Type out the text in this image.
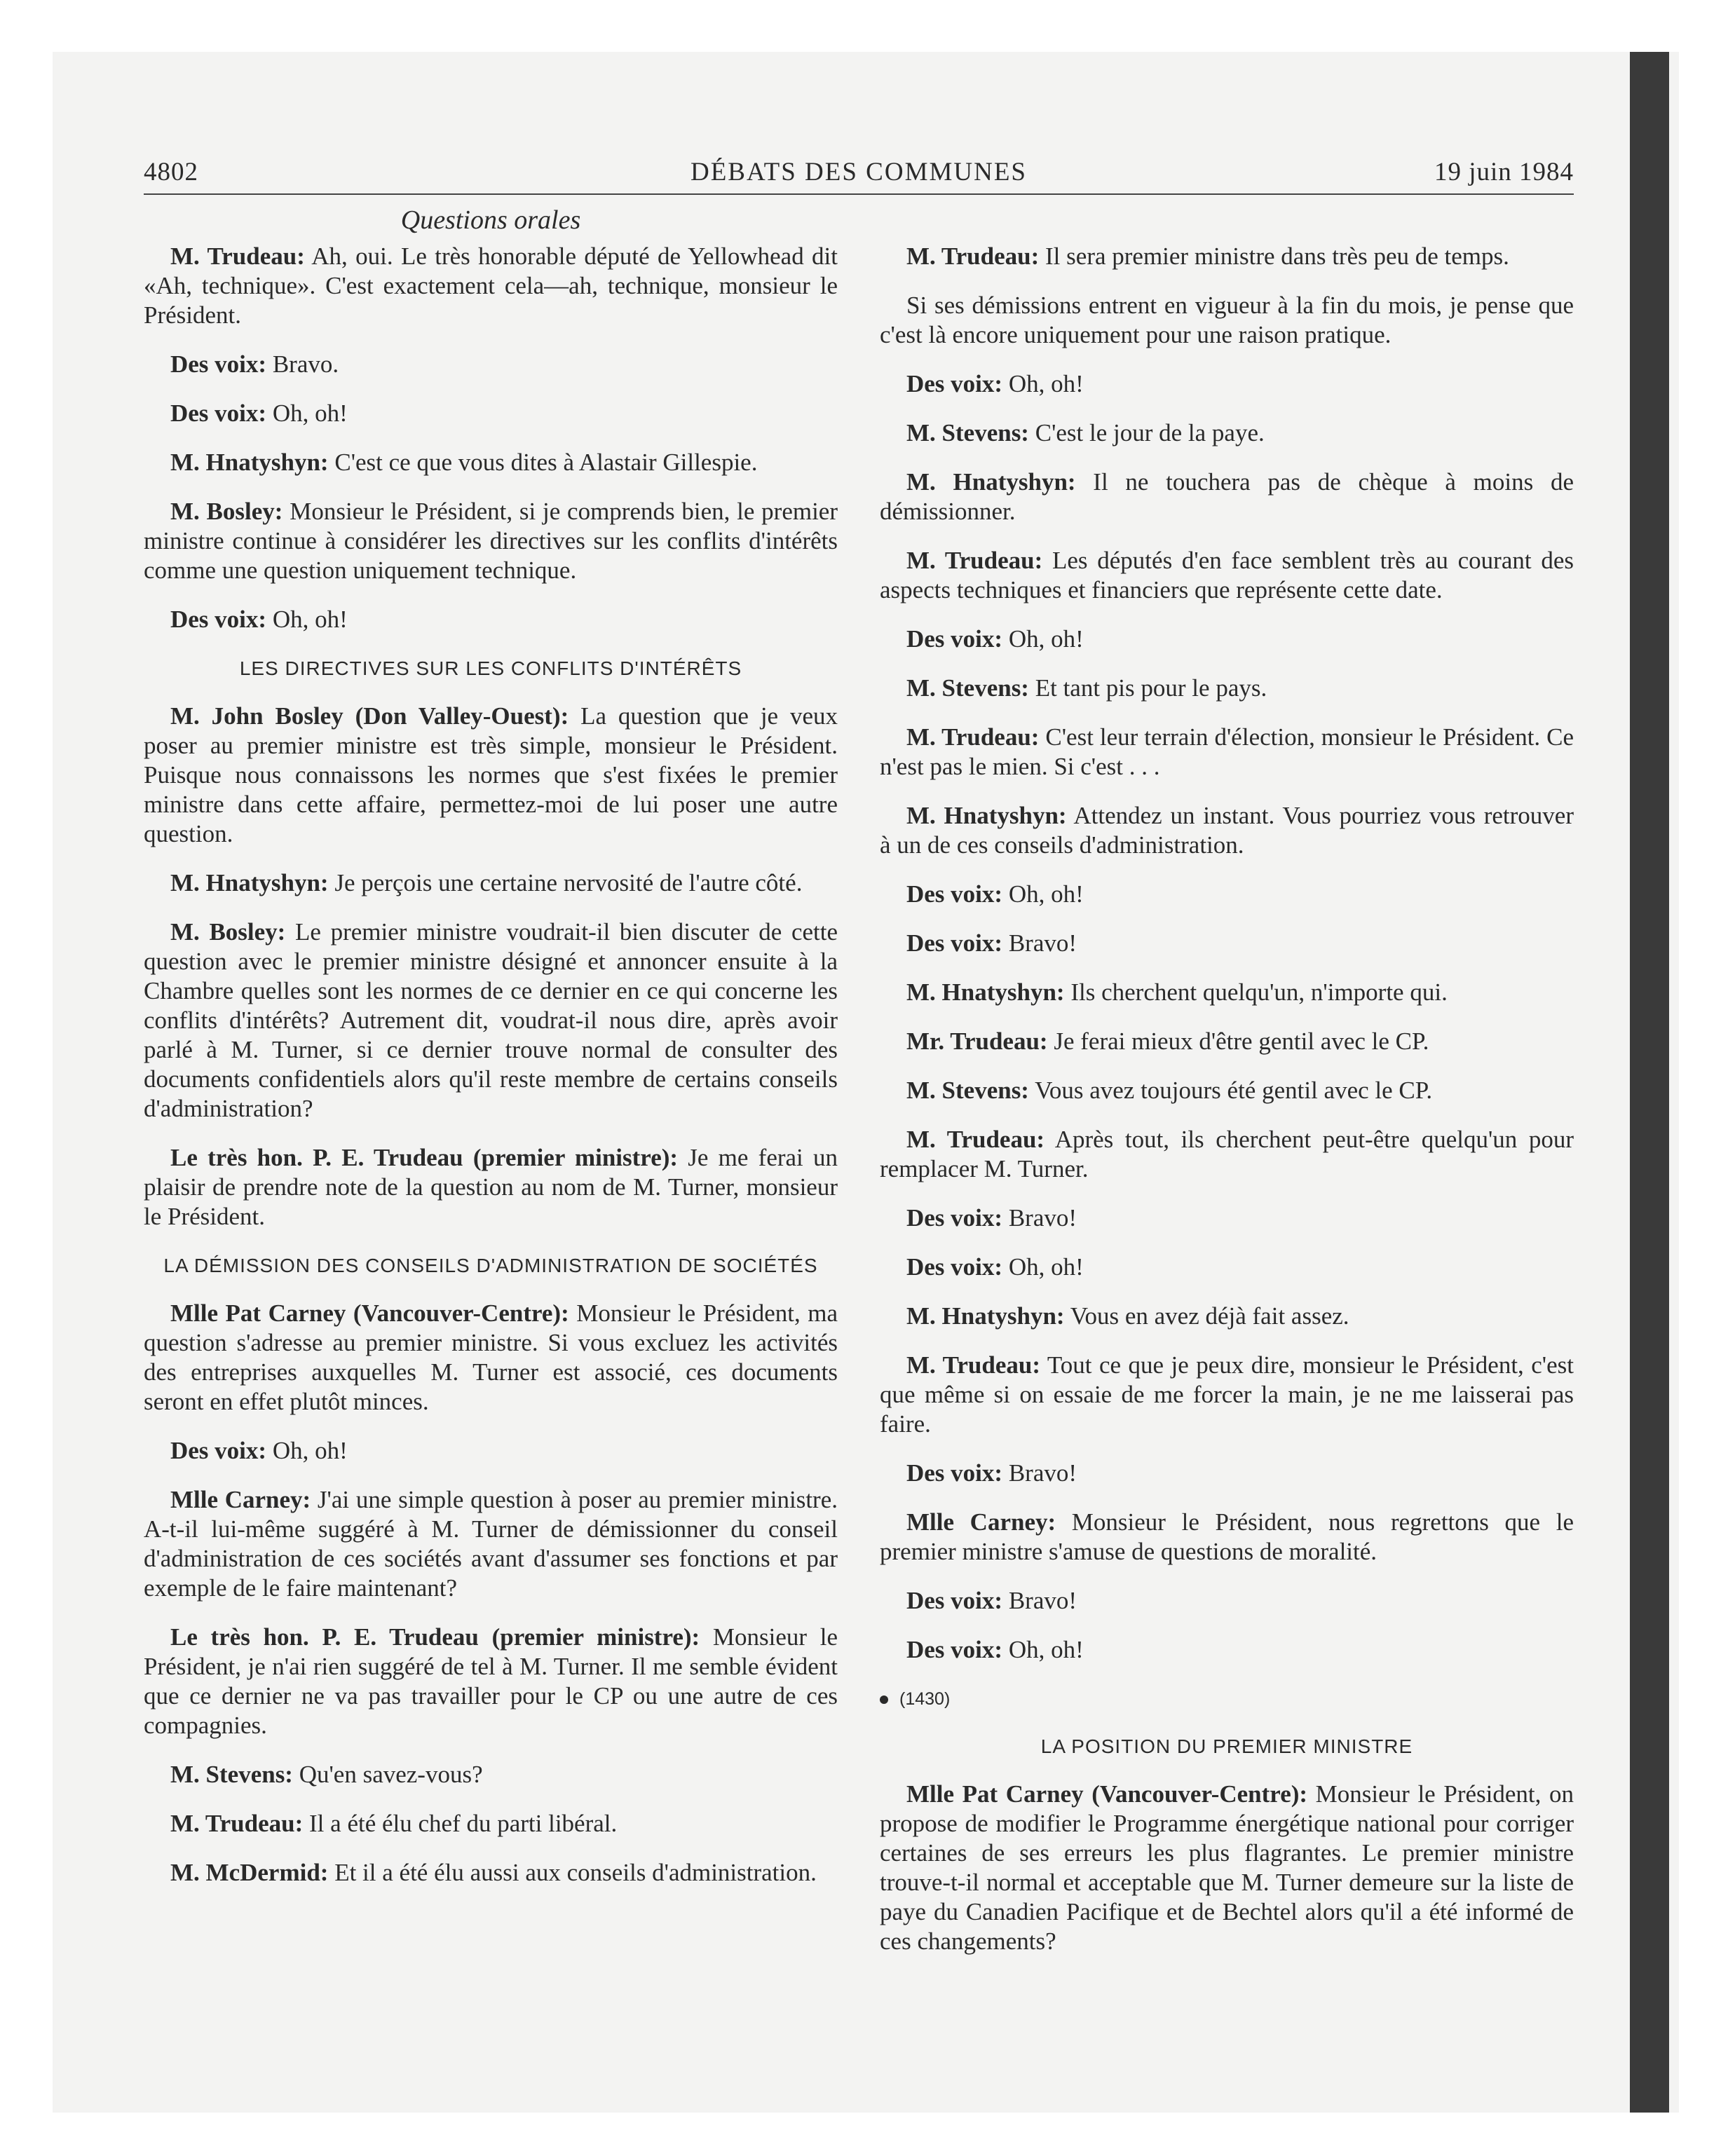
4802	DÉBATS DES COMMUNES	19 juin 1984
Questions orales

M. Trudeau: Ah, oui. Le très honorable député de Yellowhead dit «Ah, technique». C'est exactement cela—ah, technique, monsieur le Président.

Des voix: Bravo.

Des voix: Oh, oh!

M. Hnatyshyn: C'est ce que vous dites à Alastair Gillespie.

M. Bosley: Monsieur le Président, si je comprends bien, le premier ministre continue à considérer les directives sur les conflits d'intérêts comme une question uniquement technique.

Des voix: Oh, oh!

LES DIRECTIVES SUR LES CONFLITS D'INTÉRÊTS

M. John Bosley (Don Valley-Ouest): La question que je veux poser au premier ministre est très simple, monsieur le Président. Puisque nous connaissons les normes que s'est fixées le premier ministre dans cette affaire, permettez-moi de lui poser une autre question.

M. Hnatyshyn: Je perçois une certaine nervosité de l'autre côté.

M. Bosley: Le premier ministre voudrait-il bien discuter de cette question avec le premier ministre désigné et annoncer ensuite à la Chambre quelles sont les normes de ce dernier en ce qui concerne les conflits d'intérêts? Autrement dit, voudrat-il nous dire, après avoir parlé à M. Turner, si ce dernier trouve normal de consulter des documents confidentiels alors qu'il reste membre de certains conseils d'administration?

Le très hon. P. E. Trudeau (premier ministre): Je me ferai un plaisir de prendre note de la question au nom de M. Turner, monsieur le Président.

LA DÉMISSION DES CONSEILS D'ADMINISTRATION DE SOCIÉTÉS

Mlle Pat Carney (Vancouver-Centre): Monsieur le Président, ma question s'adresse au premier ministre. Si vous excluez les activités des entreprises auxquelles M. Turner est associé, ces documents seront en effet plutôt minces.

Des voix: Oh, oh!

Mlle Carney: J'ai une simple question à poser au premier ministre. A-t-il lui-même suggéré à M. Turner de démissionner du conseil d'administration de ces sociétés avant d'assumer ses fonctions et par exemple de le faire maintenant?

Le très hon. P. E. Trudeau (premier ministre): Monsieur le Président, je n'ai rien suggéré de tel à M. Turner. Il me semble évident que ce dernier ne va pas travailler pour le CP ou une autre de ces compagnies.

M. Stevens: Qu'en savez-vous?

M. Trudeau: Il a été élu chef du parti libéral.

M. McDermid: Et il a été élu aussi aux conseils d'administration.

M. Trudeau: Il sera premier ministre dans très peu de temps.

Si ses démissions entrent en vigueur à la fin du mois, je pense que c'est là encore uniquement pour une raison pratique.

Des voix: Oh, oh!

M. Stevens: C'est le jour de la paye.

M. Hnatyshyn: Il ne touchera pas de chèque à moins de démissionner.

M. Trudeau: Les députés d'en face semblent très au courant des aspects techniques et financiers que représente cette date.

Des voix: Oh, oh!

M. Stevens: Et tant pis pour le pays.

M. Trudeau: C'est leur terrain d'élection, monsieur le Président. Ce n'est pas le mien. Si c'est . . .

M. Hnatyshyn: Attendez un instant. Vous pourriez vous retrouver à un de ces conseils d'administration.

Des voix: Oh, oh!

Des voix: Bravo!

M. Hnatyshyn: Ils cherchent quelqu'un, n'importe qui.

Mr. Trudeau: Je ferai mieux d'être gentil avec le CP.

M. Stevens: Vous avez toujours été gentil avec le CP.

M. Trudeau: Après tout, ils cherchent peut-être quelqu'un pour remplacer M. Turner.

Des voix: Bravo!

Des voix: Oh, oh!

M. Hnatyshyn: Vous en avez déjà fait assez.

M. Trudeau: Tout ce que je peux dire, monsieur le Président, c'est que même si on essaie de me forcer la main, je ne me laisserai pas faire.

Des voix: Bravo!

Mlle Carney: Monsieur le Président, nous regrettons que le premier ministre s'amuse de questions de moralité.

Des voix: Bravo!

Des voix: Oh, oh!

(1430)
LA POSITION DU PREMIER MINISTRE

Mlle Pat Carney (Vancouver-Centre): Monsieur le Président, on propose de modifier le Programme énergétique national pour corriger certaines de ses erreurs les plus flagrantes. Le premier ministre trouve-t-il normal et acceptable que M. Turner demeure sur la liste de paye du Canadien Pacifique et de Bechtel alors qu'il a été informé de ces changements?
